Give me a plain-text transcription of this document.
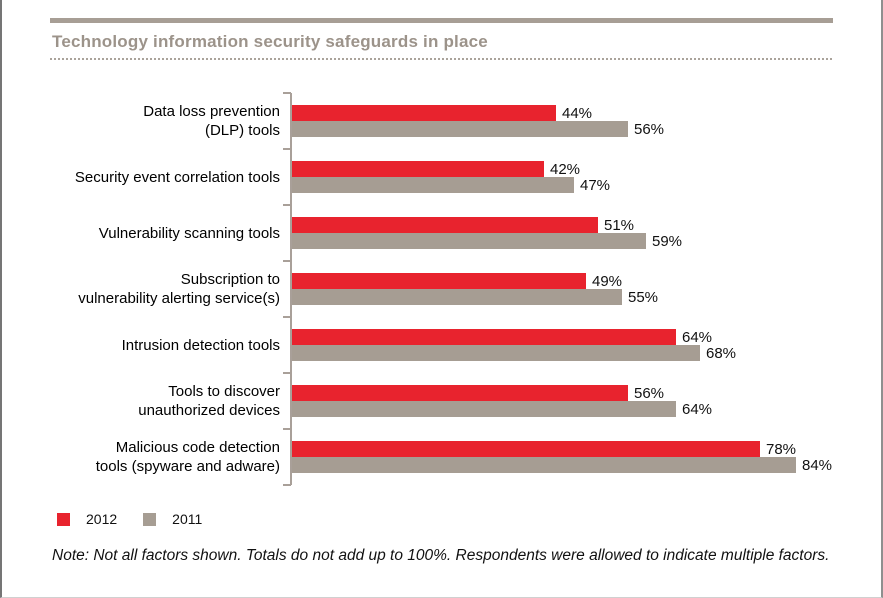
Technology information security safeguards in place
Data loss prevention
(DLP) tools
44%
56%
Security event correlation tools	42%
47%
Vulnerability scanning tools	51%
59%
Subscription to
vulnerability alerting service(s)
49%
55%
Intrusion detection tools	64%
68%
Tools to discover
unauthorized devices
56%
64%
Malicious code detection
tools (spyware and adware)
78%
84%
2012	2011

Note: Not all factors shown. Totals do not add up to 100%. Respondents were allowed to indicate multiple factors.
